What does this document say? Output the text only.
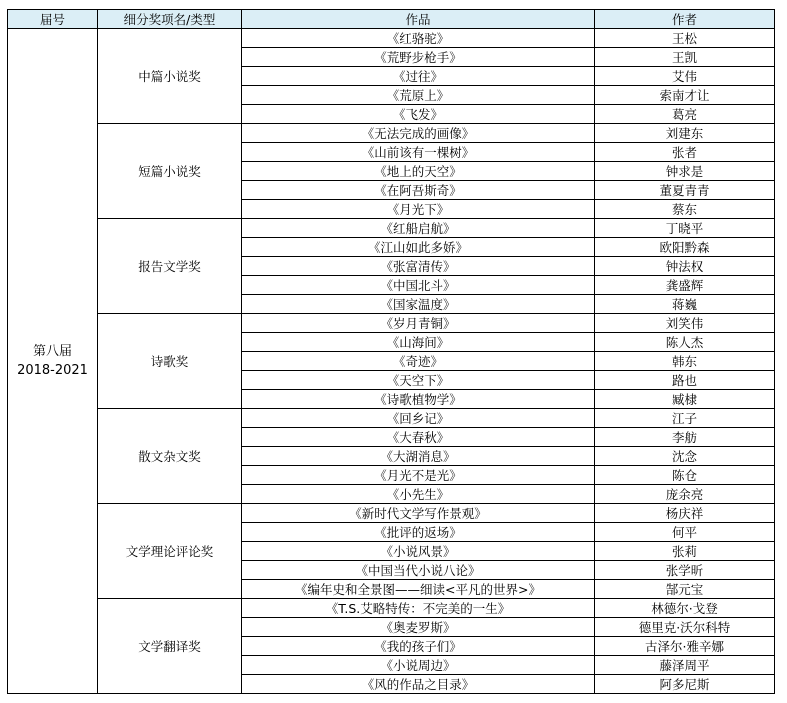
届号	细分奖项名/类型	作品	作者

第八届
2018-2021	中篇小说奖	《红骆驼》	王松
		《荒野步枪手》	王凯
		《过往》	艾伟
		《荒原上》	索南才让
		《飞发》	葛亮
	短篇小说奖	《无法完成的画像》	刘建东
		《山前该有一棵树》	张者
		《地上的天空》	钟求是
		《在阿吾斯奇》	董夏青青
		《月光下》	蔡东
	报告文学奖	《红船启航》	丁晓平
		《江山如此多娇》	欧阳黔森
		《张富清传》	钟法权
		《中国北斗》	龚盛辉
		《国家温度》	蒋巍
	诗歌奖	《岁月青铜》	刘笑伟
		《山海间》	陈人杰
		《奇迹》	韩东
		《天空下》	路也
		《诗歌植物学》	臧棣
	散文杂文奖	《回乡记》	江子
		《大春秋》	李舫
		《大湖消息》	沈念
		《月光不是光》	陈仓
		《小先生》	庞余亮
	文学理论评论奖	《新时代文学写作景观》	杨庆祥
		《批评的返场》	何平
		《小说风景》	张莉
		《中国当代小说八论》	张学昕
		《编年史和全景图——细读<平凡的世界>》	郜元宝
	文学翻译奖	《T.S.艾略特传：不完美的一生》	林德尔·戈登
		《奥麦罗斯》	德里克·沃尔科特
		《我的孩子们》	古泽尔·雅辛娜
		《小说周边》	藤泽周平
		《风的作品之目录》	阿多尼斯
